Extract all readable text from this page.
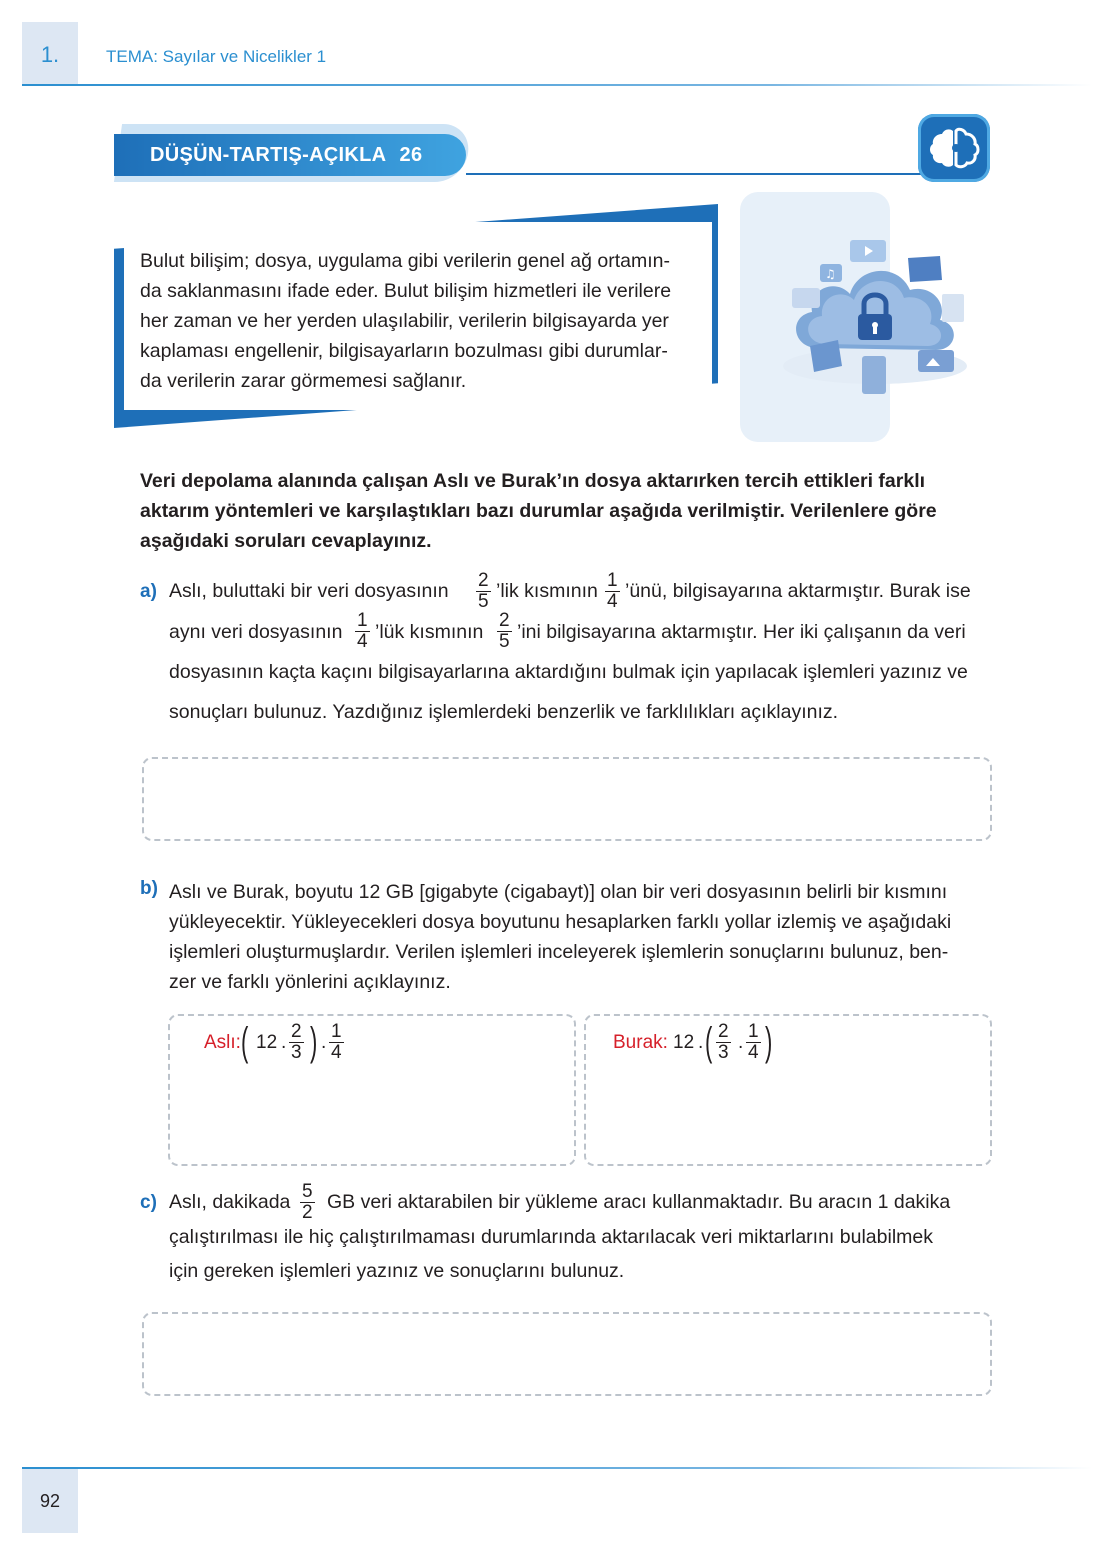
1.	TEMA: Sayılar ve Nicelikler 1
DÜŞÜN-TARTIŞ-AÇIKLA 26
Bulut bilişim; dosya, uygulama gibi verilerin genel ağ ortamın-
da saklanmasını ifade eder. Bulut bilişim hizmetleri ile verilere
her zaman ve her yerden ulaşılabilir, verilerin bilgisayarda yer
kaplaması engellenir, bilgisayarların bozulması gibi durumlar-
da verilerin zarar görmemesi sağlanır.
♫
Veri depolama alanında çalışan Aslı ve Burak’ın dosya aktarırken tercih ettikleri farklı
aktarım yöntemleri ve karşılaştıkları bazı durumlar aşağıda verilmiştir. Verilenlere göre
aşağıdaki soruları cevaplayınız.
a) Aslı, buluttaki bir veri dosyasının $\frac{2}{5}$ ’lik kısmının $\frac{1}{4}$ ’ünü, bilgisayarına aktarmıştır. Burak ise
aynı veri dosyasının $\frac{1}{4}$ ’lük kısmının $\frac{2}{5}$ ’ini bilgisayarına aktarmıştır. Her iki çalışanın da veri
dosyasının kaçta kaçını bilgisayarlarına aktardığını bulmak için yapılacak işlemleri yazınız ve
sonuçları bulunuz. Yazdığınız işlemlerdeki benzerlik ve farklılıkları açıklayınız.
b) Aslı ve Burak, boyutu 12 GB [gigabyte (cigabayt)] olan bir veri dosyasının belirli bir kısmını
yükleyecektir. Yükleyecekleri dosya boyutunu hesaplarken farklı yollar izlemiş ve aşağıdaki
işlemleri oluşturmuşlardır. Verilen işlemleri inceleyerek işlemlerin sonuçlarını bulunuz, ben-
zer ve farklı yönlerini açıklayınız.
Aslı: ( 12 . $\frac{2}{3}$ ) . $\frac{1}{4}$	Burak: 12 . ( $\frac{2}{3}$ . $\frac{1}{4}$ )
c) Aslı, dakikada $\frac{5}{2}$ GB veri aktarabilen bir yükleme aracı kullanmaktadır. Bu aracın 1 dakika
çalıştırılması ile hiç çalıştırılmaması durumlarında aktarılacak veri miktarlarını bulabilmek
için gereken işlemleri yazınız ve sonuçlarını bulunuz.
92
